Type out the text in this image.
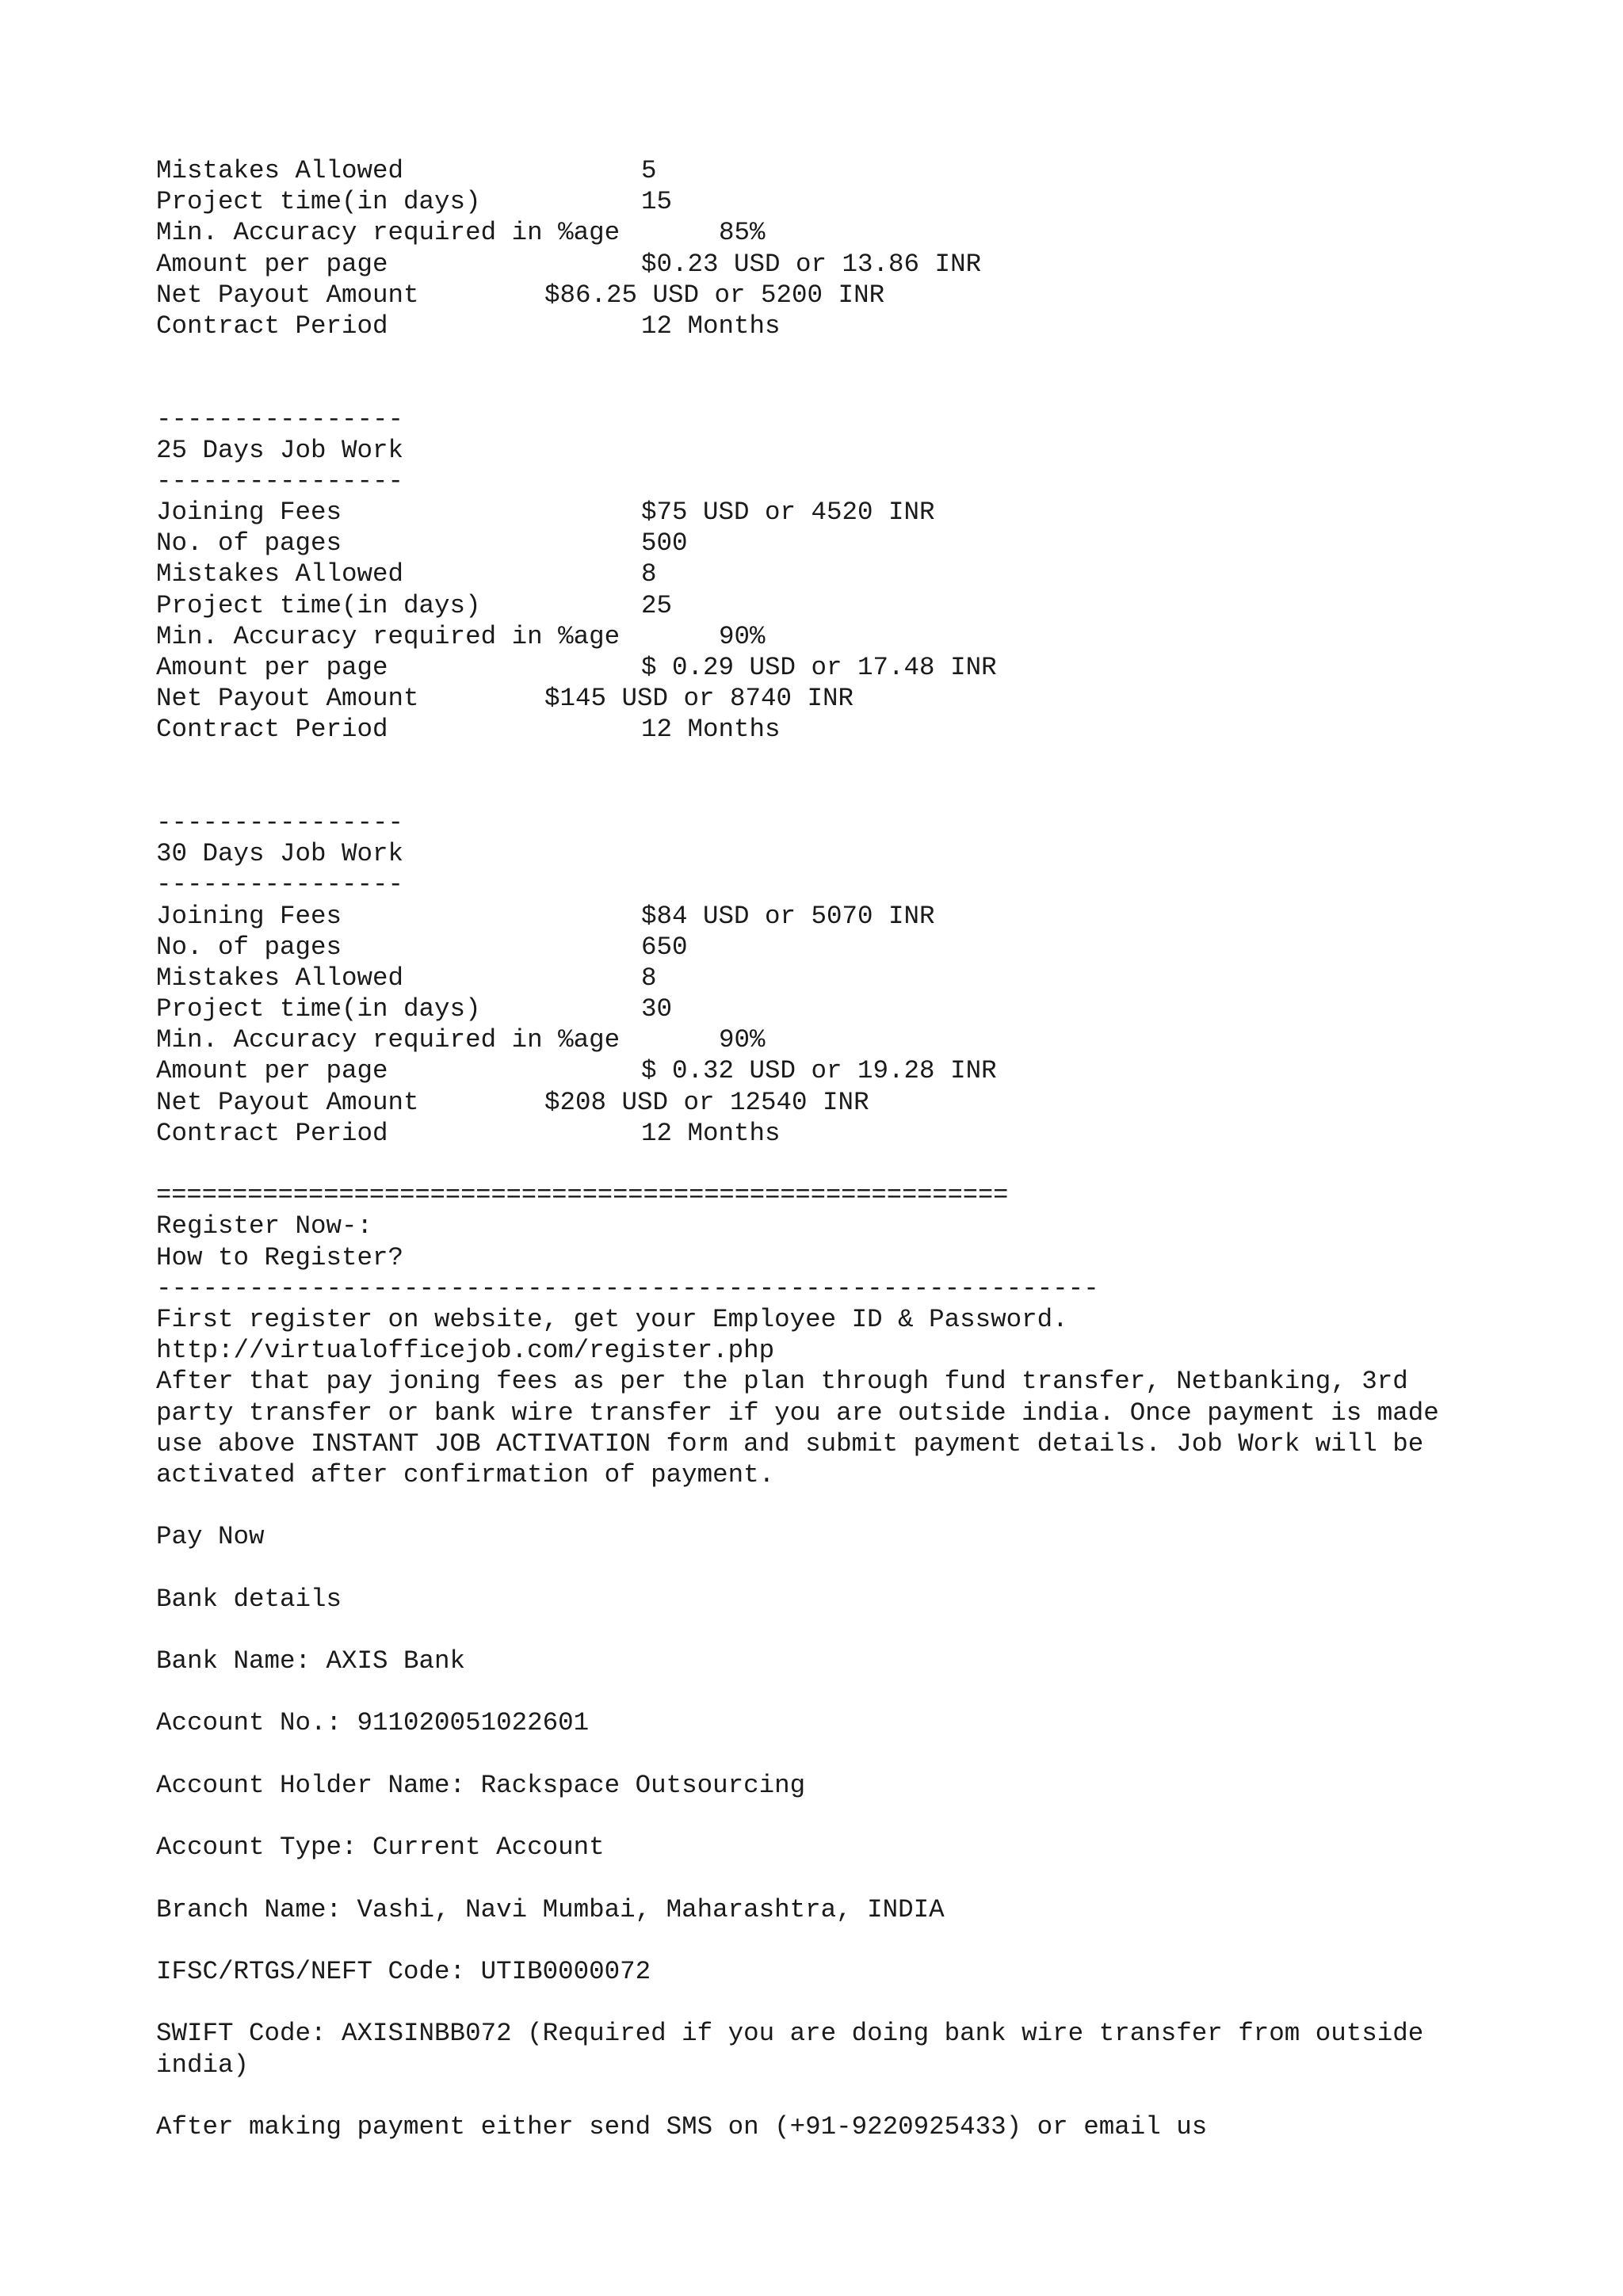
Mistakes Allowed	5
Project time(in days)	15
Min. Accuracy required in %age	85%
Amount per page	$0.23 USD or 13.86 INR
Net Payout Amount	$86.25 USD or 5200 INR
Contract Period	12 Months
----------------
25 Days Job Work
----------------
Joining Fees	$75 USD or 4520 INR
No. of pages	500
Mistakes Allowed	8
Project time(in days)	25
Min. Accuracy required in %age	90%
Amount per page	$ 0.29 USD or 17.48 INR
Net Payout Amount	$145 USD or 8740 INR
Contract Period	12 Months
----------------
30 Days Job Work
----------------
Joining Fees	$84 USD or 5070 INR
No. of pages	650
Mistakes Allowed	8
Project time(in days)	30
Min. Accuracy required in %age	90%
Amount per page	$ 0.32 USD or 19.28 INR
Net Payout Amount	$208 USD or 12540 INR
Contract Period	12 Months
========================================================
Register Now-:
How to Register?
-------------------------------------------------------------
First register on website, get your Employee ID & Password.
http://virtualofficejob.com/register.php
After that pay joning fees as per the plan through fund transfer, Netbanking, 3rd party transfer or bank wire transfer if you are outside india. Once payment is made use above INSTANT JOB ACTIVATION form and submit payment details. Job Work will be activated after confirmation of payment.
Pay Now
Bank details
Bank Name: AXIS Bank
Account No.: 911020051022601
Account Holder Name: Rackspace Outsourcing
Account Type: Current Account
Branch Name: Vashi, Navi Mumbai, Maharashtra, INDIA
IFSC/RTGS/NEFT Code: UTIB0000072
SWIFT Code: AXISINBB072 (Required if you are doing bank wire transfer from outside india)
After making payment either send SMS on (+91-9220925433) or email us
